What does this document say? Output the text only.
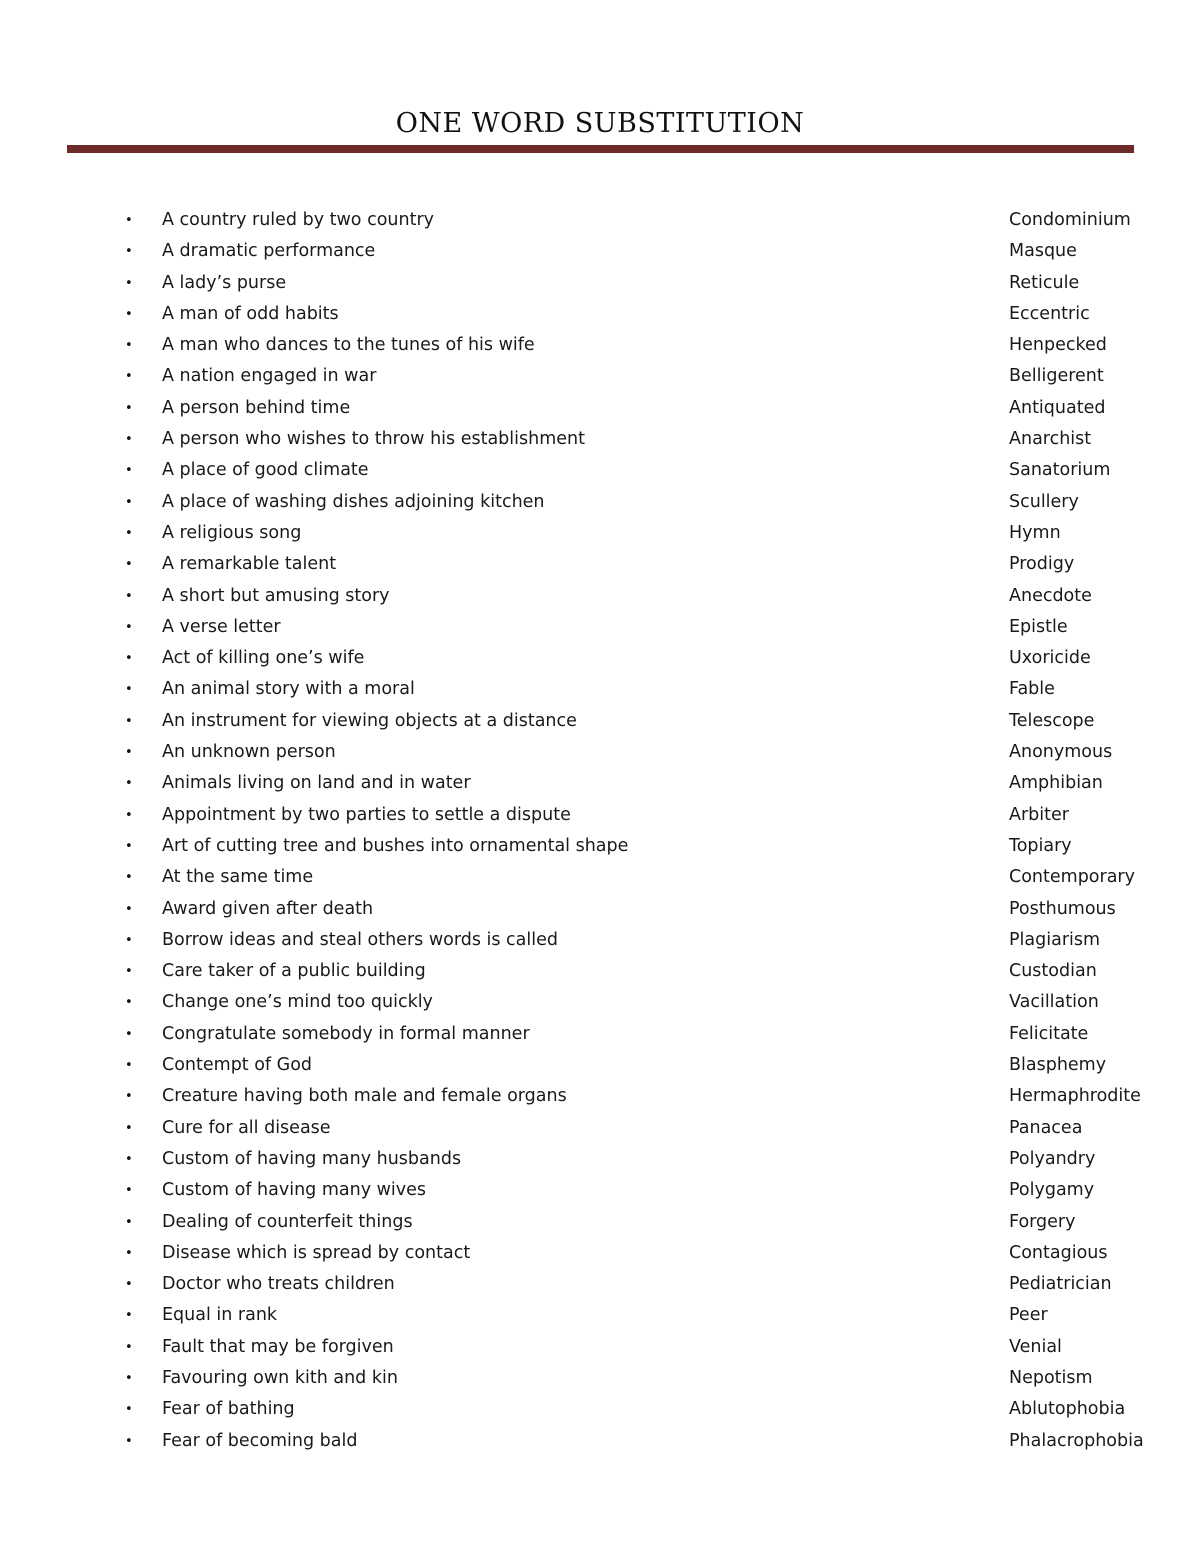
ONE WORD SUBSTITUTION
• A country ruled by two country	Condominium
• A dramatic performance	Masque
• A lady’s purse	Reticule
• A man of odd habits	Eccentric
• A man who dances to the tunes of his wife	Henpecked
• A nation engaged in war	Belligerent
• A person behind time	Antiquated
• A person who wishes to throw his establishment	Anarchist
• A place of good climate	Sanatorium
• A place of washing dishes adjoining kitchen	Scullery
• A religious song	Hymn
• A remarkable talent	Prodigy
• A short but amusing story	Anecdote
• A verse letter	Epistle
• Act of killing one’s wife	Uxoricide
• An animal story with a moral	Fable
• An instrument for viewing objects at a distance	Telescope
• An unknown person	Anonymous
• Animals living on land and in water	Amphibian
• Appointment by two parties to settle a dispute	Arbiter
• Art of cutting tree and bushes into ornamental shape	Topiary
• At the same time	Contemporary
• Award given after death	Posthumous
• Borrow ideas and steal others words is called	Plagiarism
• Care taker of a public building	Custodian
• Change one’s mind too quickly	Vacillation
• Congratulate somebody in formal manner	Felicitate
• Contempt of God	Blasphemy
• Creature having both male and female organs	Hermaphrodite
• Cure for all disease	Panacea
• Custom of having many husbands	Polyandry
• Custom of having many wives	Polygamy
• Dealing of counterfeit things	Forgery
• Disease which is spread by contact	Contagious
• Doctor who treats children	Pediatrician
• Equal in rank	Peer
• Fault that may be forgiven	Venial
• Favouring own kith and kin	Nepotism
• Fear of bathing	Ablutophobia
• Fear of becoming bald	Phalacrophobia
